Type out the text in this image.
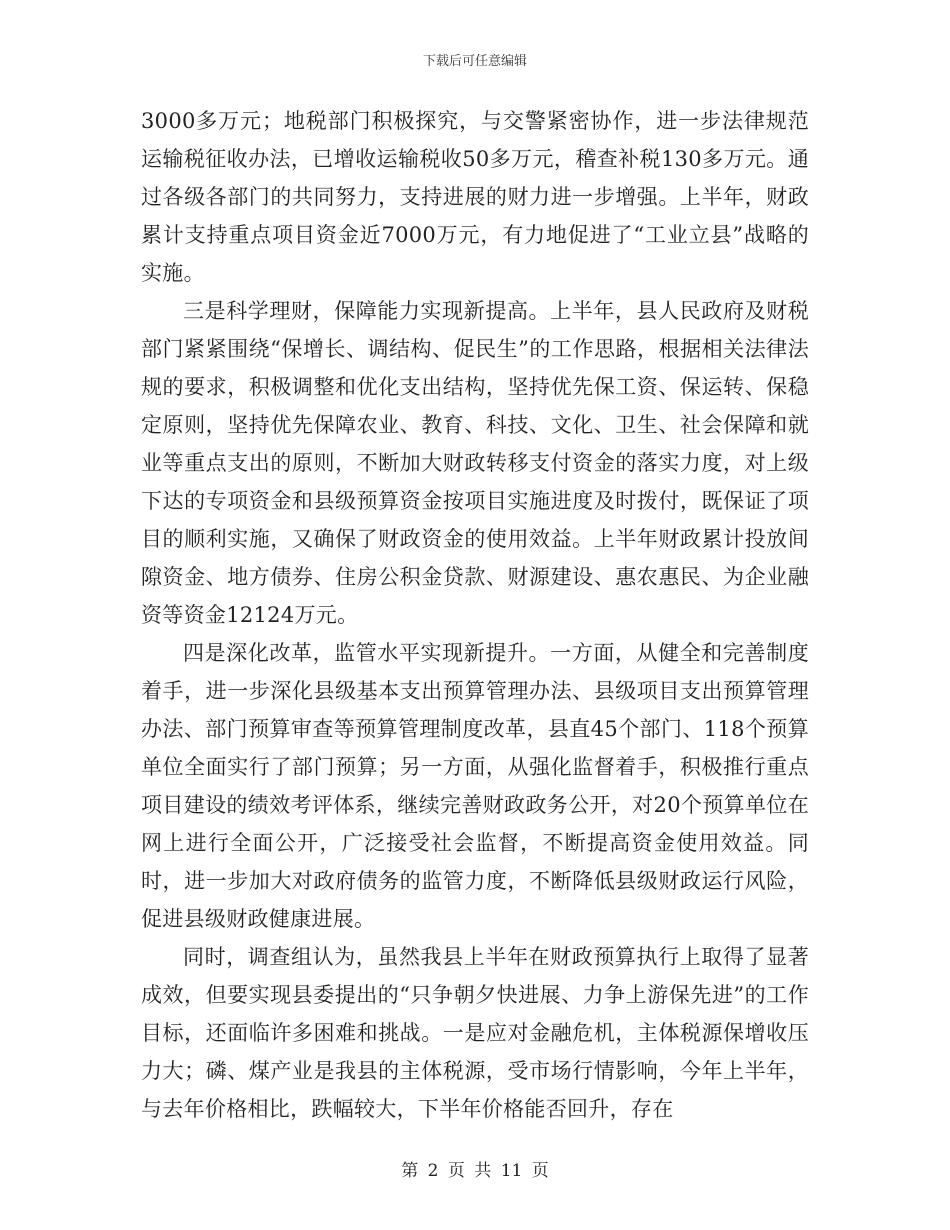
下载后可任意编辑

3000多万元；地税部门积极探究，与交警紧密协作，进一步法律规范运输税征收办法，已增收运输税收50多万元，稽查补税130多万元。通过各级各部门的共同努力，支持进展的财力进一步增强。上半年，财政累计支持重点项目资金近7000万元，有力地促进了“工业立县”战略的实施。

三是科学理财，保障能力实现新提高。上半年，县人民政府及财税部门紧紧围绕“保增长、调结构、促民生”的工作思路，根据相关法律法规的要求，积极调整和优化支出结构，坚持优先保工资、保运转、保稳定原则，坚持优先保障农业、教育、科技、文化、卫生、社会保障和就业等重点支出的原则，不断加大财政转移支付资金的落实力度，对上级下达的专项资金和县级预算资金按项目实施进度及时拨付，既保证了项目的顺利实施，又确保了财政资金的使用效益。上半年财政累计投放间隙资金、地方债券、住房公积金贷款、财源建设、惠农惠民、为企业融资等资金12124万元。

四是深化改革，监管水平实现新提升。一方面，从健全和完善制度着手，进一步深化县级基本支出预算管理办法、县级项目支出预算管理办法、部门预算审查等预算管理制度改革，县直45个部门、118个预算单位全面实行了部门预算；另一方面，从强化监督着手，积极推行重点项目建设的绩效考评体系，继续完善财政政务公开，对20个预算单位在网上进行全面公开，广泛接受社会监督，不断提高资金使用效益。同时，进一步加大对政府债务的监管力度，不断降低县级财政运行风险，促进县级财政健康进展。

同时，调查组认为，虽然我县上半年在财政预算执行上取得了显著成效，但要实现县委提出的“只争朝夕快进展、力争上游保先进”的工作目标，还面临许多困难和挑战。一是应对金融危机，主体税源保增收压力大；磷、煤产业是我县的主体税源，受市场行情影响，今年上半年，与去年价格相比，跌幅较大，下半年价格能否回升，存在

第 2 页 共 11 页
